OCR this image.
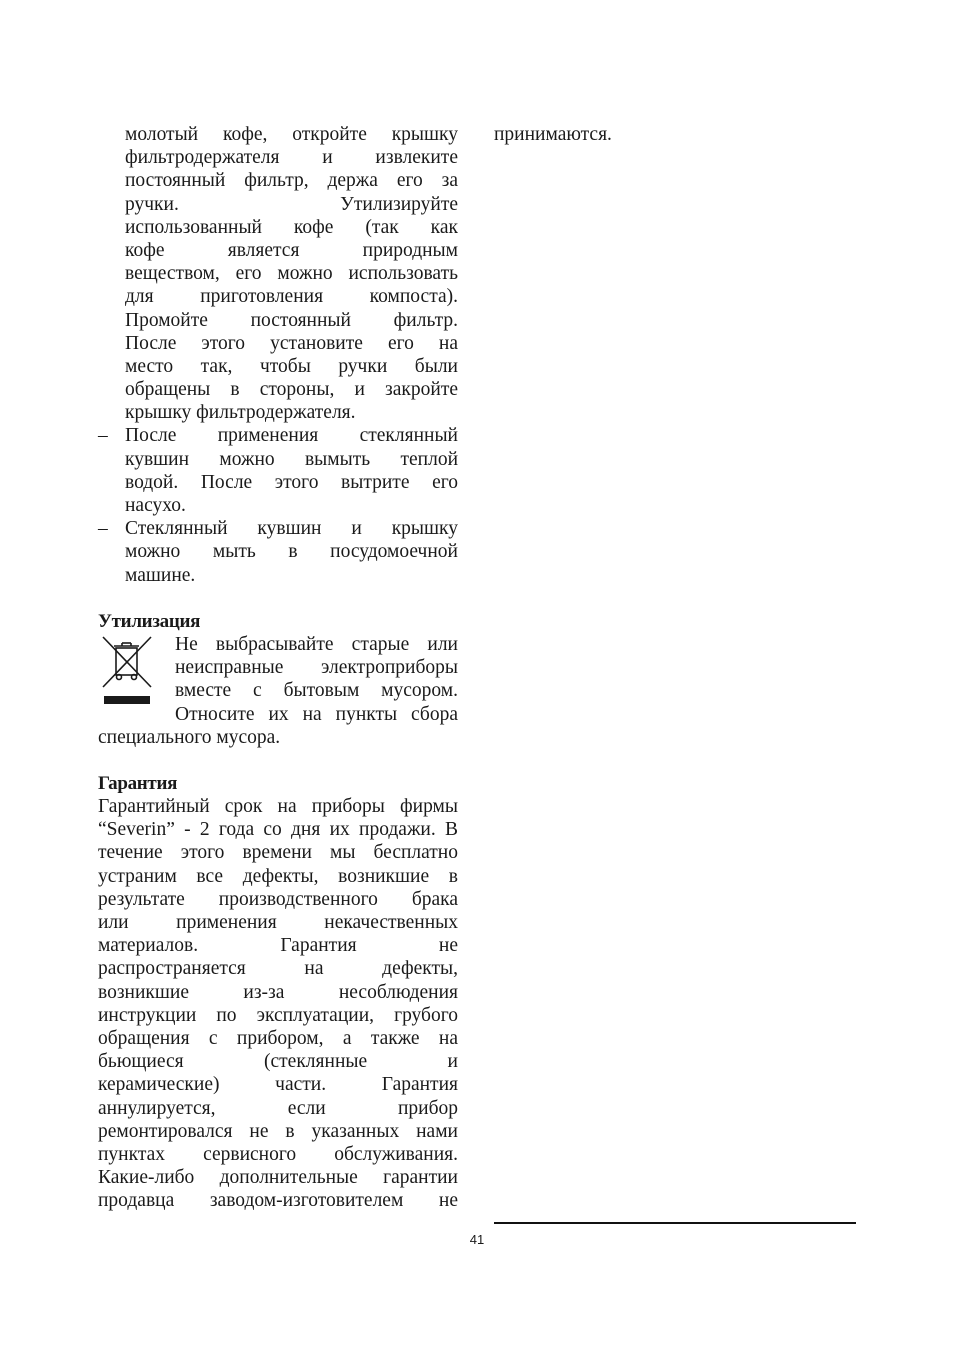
молотый кофе, откройте крышку
фильтродержателя и извлеките
постоянный фильтр, держа его за
ручки. Утилизируйте
использованный кофе (так как
кофе является природным
веществом, его можно использовать
для приготовления компоста).
Промойте постоянный фильтр.
После этого установите его на
место так, чтобы ручки были
обращены в стороны, и закройте
крышку фильтродержателя.
– После применения стеклянный
кувшин можно вымыть теплой
водой. После этого вытрите его
насухо.
– Стеклянный кувшин и крышку
можно мыть в посудомоечной
машине.
Утилизация
Не выбрасывайте старые или
неисправные электроприборы
вместе с бытовым мусором.
Относите их на пункты сбора
специального мусора.
Гарантия
Гарантийный срок на приборы фирмы
“Severin” - 2 года со дня их продажи. В
течение этого времени мы бесплатно
устраним все дефекты, возникшие в
результате производственного брака
или применения некачественных
материалов. Гарантия не
распространяется на дефекты,
возникшие из-за несоблюдения
инструкции по эксплуатации, грубого
обращения с прибором, а также на
бьющиеся (стеклянные и
керамические) части. Гарантия
аннулируется, если прибор
ремонтировался не в указанных нами
пунктах сервисного обслуживания.
Какие-либо дополнительные гарантии
продавца заводом-изготовителем не
принимаются.
41
